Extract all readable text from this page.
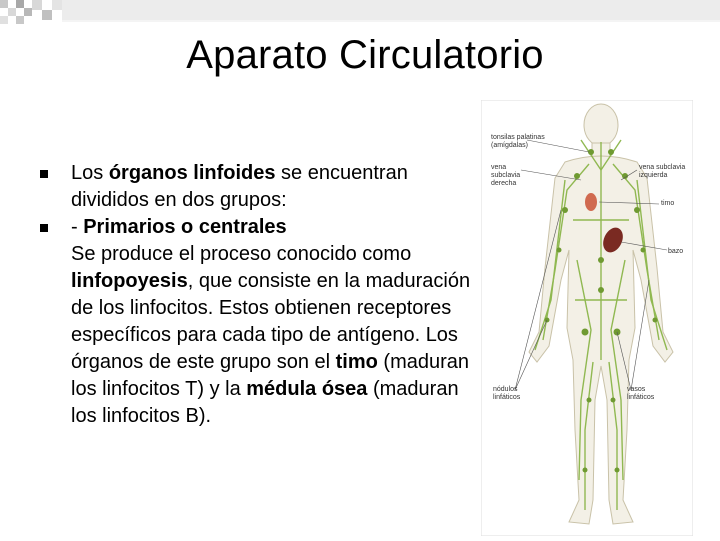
Aparato Circulatorio
Los órganos linfoides se encuentran divididos en dos grupos:
- Primarios o centrales
Se produce el proceso conocido como linfopoyesis, que consiste en la maduración de los linfocitos. Estos obtienen receptores específicos para cada tipo de antígeno. Los órganos de este grupo son el timo (maduran los linfocitos T) y la médula ósea (maduran los linfocitos B).
tonsilas palatinas (amígdalas)
vena subclavia derecha
vena subclavia izquierda
timo
bazo
nódulos linfáticos
vasos linfáticos
